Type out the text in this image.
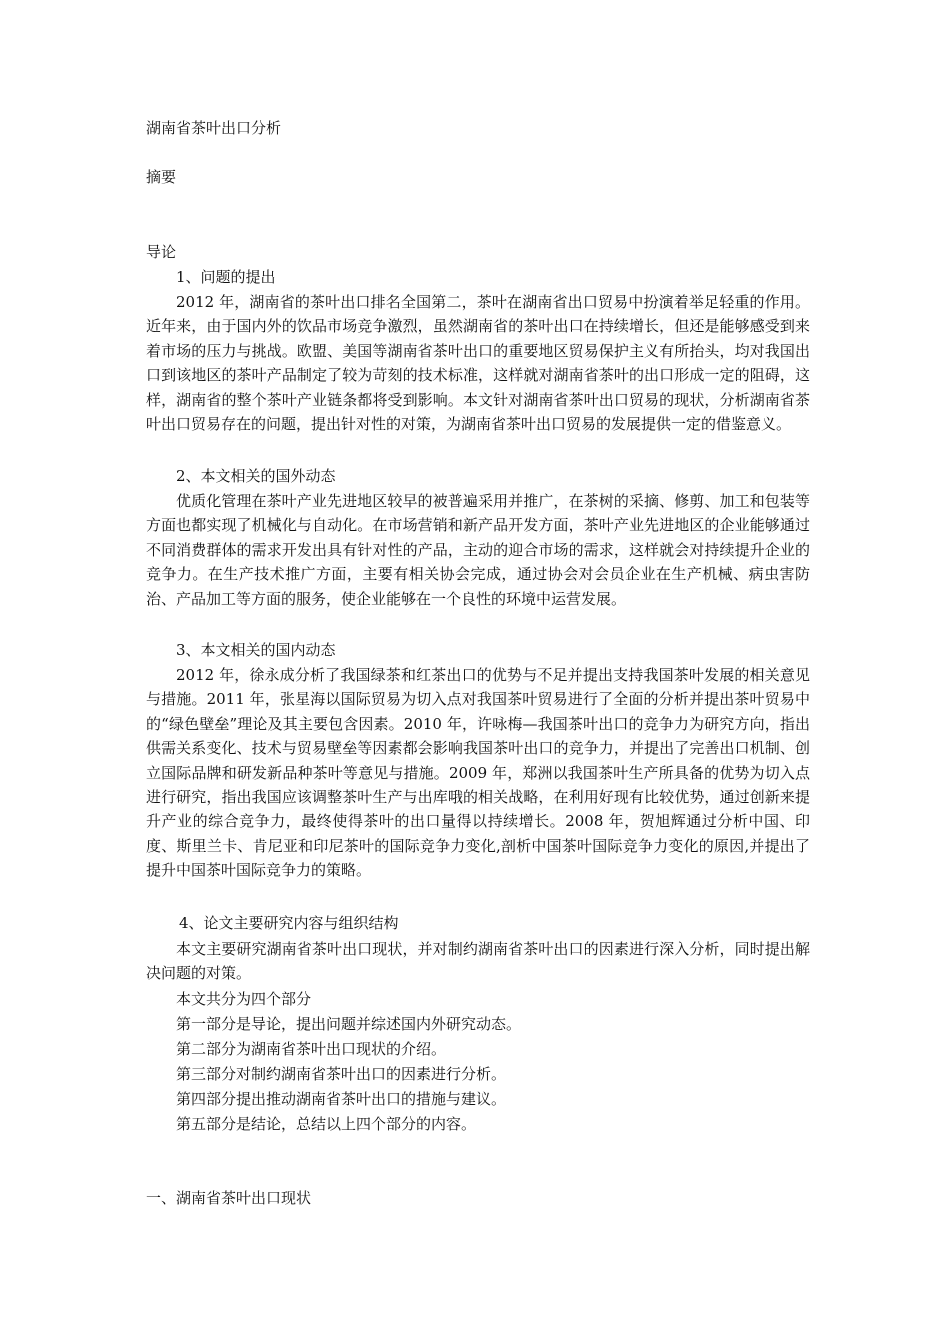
湖南省茶叶出口分析
摘要
导论
1、问题的提出
2012 年，湖南省的茶叶出口排名全国第二，茶叶在湖南省出口贸易中扮演着举足轻重的作用。近年来，由于国内外的饮品市场竞争激烈，虽然湖南省的茶叶出口在持续增长，但还是能够感受到来着市场的压力与挑战。欧盟、美国等湖南省茶叶出口的重要地区贸易保护主义有所抬头，均对我国出口到该地区的茶叶产品制定了较为苛刻的技术标准，这样就对湖南省茶叶的出口形成一定的阻碍，这样，湖南省的整个茶叶产业链条都将受到影响。本文针对湖南省茶叶出口贸易的现状，分析湖南省茶叶出口贸易存在的问题，提出针对性的对策，为湖南省茶叶出口贸易的发展提供一定的借鉴意义。
2、本文相关的国外动态
优质化管理在茶叶产业先进地区较早的被普遍采用并推广，在茶树的采摘、修剪、加工和包装等方面也都实现了机械化与自动化。在市场营销和新产品开发方面，茶叶产业先进地区的企业能够通过不同消费群体的需求开发出具有针对性的产品，主动的迎合市场的需求，这样就会对持续提升企业的竞争力。在生产技术推广方面，主要有相关协会完成，通过协会对会员企业在生产机械、病虫害防治、产品加工等方面的服务，使企业能够在一个良性的环境中运营发展。
3、本文相关的国内动态
2012 年，徐永成分析了我国绿茶和红茶出口的优势与不足并提出支持我国茶叶发展的相关意见与措施。2011 年，张星海以国际贸易为切入点对我国茶叶贸易进行了全面的分析并提出茶叶贸易中的“绿色壁垒”理论及其主要包含因素。2010 年，许咏梅—我国茶叶出口的竞争力为研究方向，指出供需关系变化、技术与贸易壁垒等因素都会影响我国茶叶出口的竞争力，并提出了完善出口机制、创立国际品牌和研发新品种茶叶等意见与措施。2009 年，郑洲以我国茶叶生产所具备的优势为切入点进行研究，指出我国应该调整茶叶生产与出库哦的相关战略，在利用好现有比较优势，通过创新来提升产业的综合竞争力，最终使得茶叶的出口量得以持续增长。2008 年，贺旭辉通过分析中国、印度、斯里兰卡、肯尼亚和印尼茶叶的国际竞争力变化,剖析中国茶叶国际竞争力变化的原因,并提出了提升中国茶叶国际竞争力的策略。
4、论文主要研究内容与组织结构
本文主要研究湖南省茶叶出口现状，并对制约湖南省茶叶出口的因素进行深入分析，同时提出解决问题的对策。
本文共分为四个部分
第一部分是导论，提出问题并综述国内外研究动态。
第二部分为湖南省茶叶出口现状的介绍。
第三部分对制约湖南省茶叶出口的因素进行分析。
第四部分提出推动湖南省茶叶出口的措施与建议。
第五部分是结论，总结以上四个部分的内容。
一、湖南省茶叶出口现状
